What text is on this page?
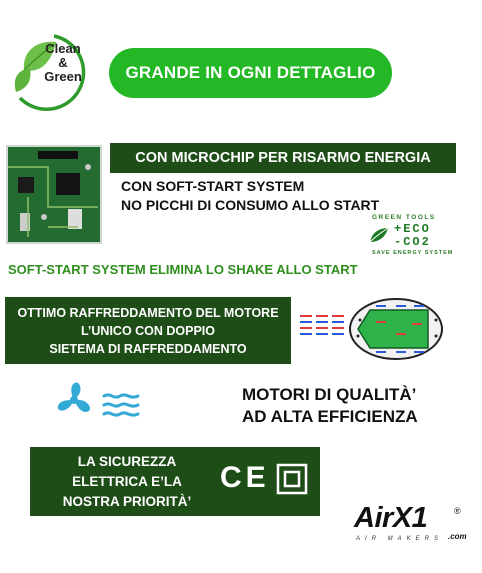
Clean
&
Green	GRANDE IN OGNI DETTAGLIO
CON MICROCHIP PER RISARMO ENERGIA
CON SOFT-START SYSTEM
NO PICCHI DI CONSUMO ALLO START
GREEN TOOLS
+ECO
-CO2
SAVE ENERGY SYSTEM
SOFT-START SYSTEM ELIMINA LO SHAKE ALLO START
OTTIMO RAFFREDDAMENTO DEL MOTORE
L’UNICO CON DOPPIO
SIETEMA DI RAFFREDDAMENTO
MOTORI DI QUALITÀ’
AD ALTA EFFICIENZA
LA SICUREZZA
ELETTRICA E’LA
NOSTRA PRIORITÀ’
CE
AirX1	®
.com
AIR MAKERS
